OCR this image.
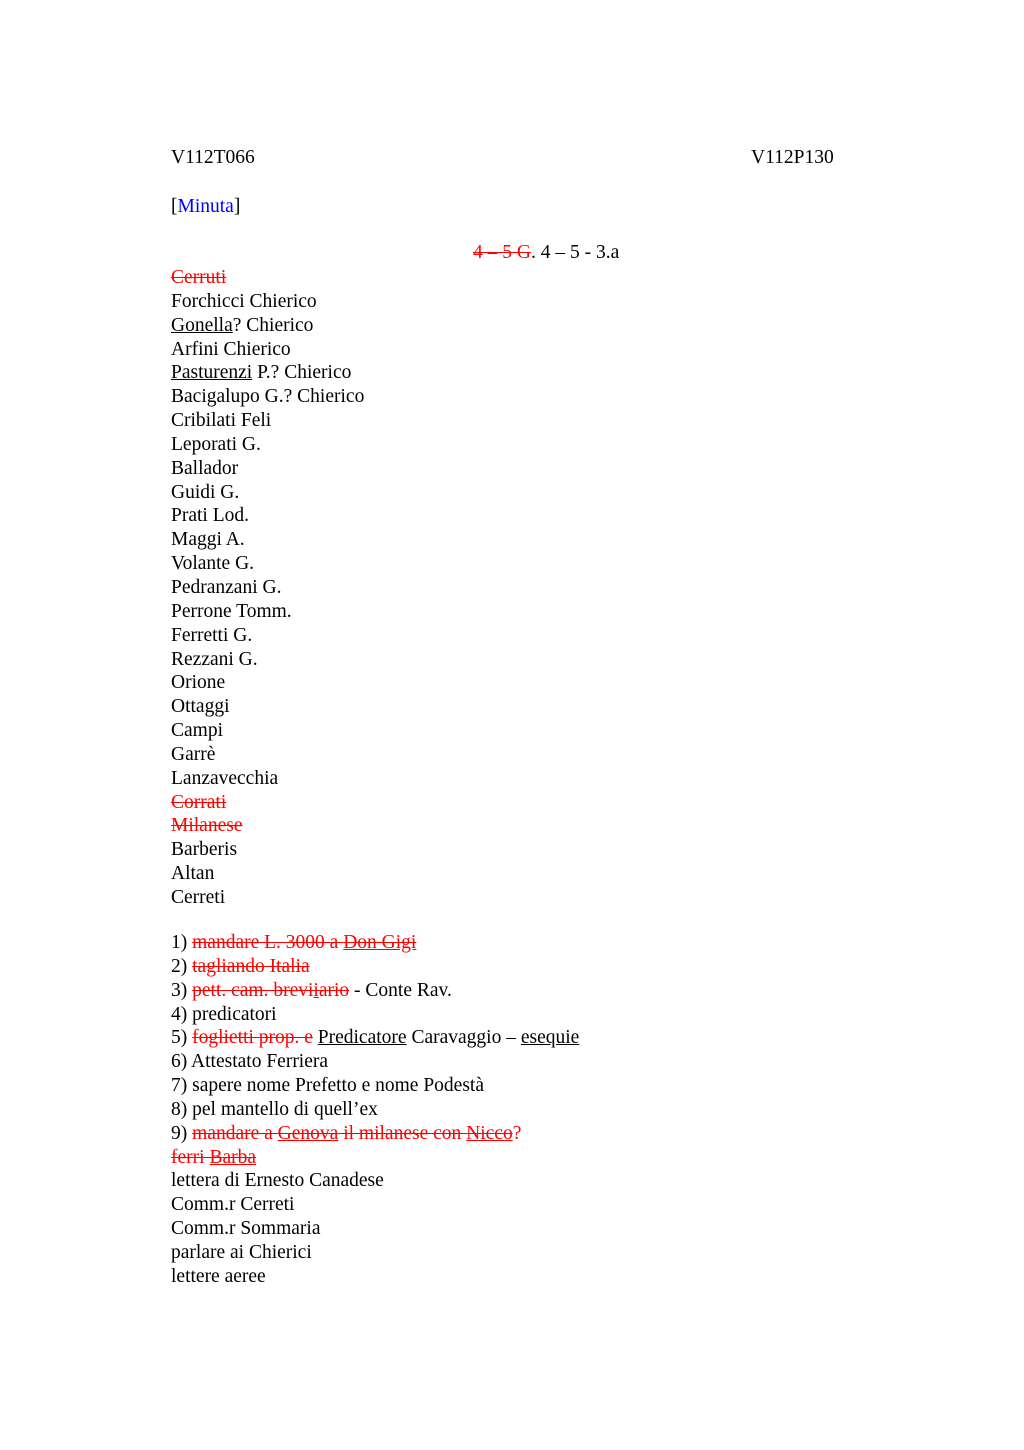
V112T066	V112P130
[Minuta]
4 – 5 G. 4 – 5 - 3.a
Cerruti
Forchicci Chierico
Gonella? Chierico
Arfini Chierico
Pasturenzi P.? Chierico
Bacigalupo G.? Chierico
Cribilati Feli
Leporati G.
Ballador
Guidi G.
Prati Lod.
Maggi A.
Volante G.
Pedranzani G.
Perrone Tomm.
Ferretti G.
Rezzani G.
Orione
Ottaggi
Campi
Garrè
Lanzavecchia
Corrati
Milanese
Barberis
Altan
Cerreti
1) mandare L. 3000 a Don Gigi
2) tagliando Italia
3) pett. cam. breviiario - Conte Rav.
4) predicatori
5) foglietti prop. e Predicatore Caravaggio – esequie
6) Attestato Ferriera
7) sapere nome Prefetto e nome Podestà
8) pel mantello di quell’ex
9) mandare a Genova il milanese con Nicco?
ferri Barba
lettera di Ernesto Canadese
Comm.r Cerreti
Comm.r Sommaria
parlare ai Chierici
lettere aeree
